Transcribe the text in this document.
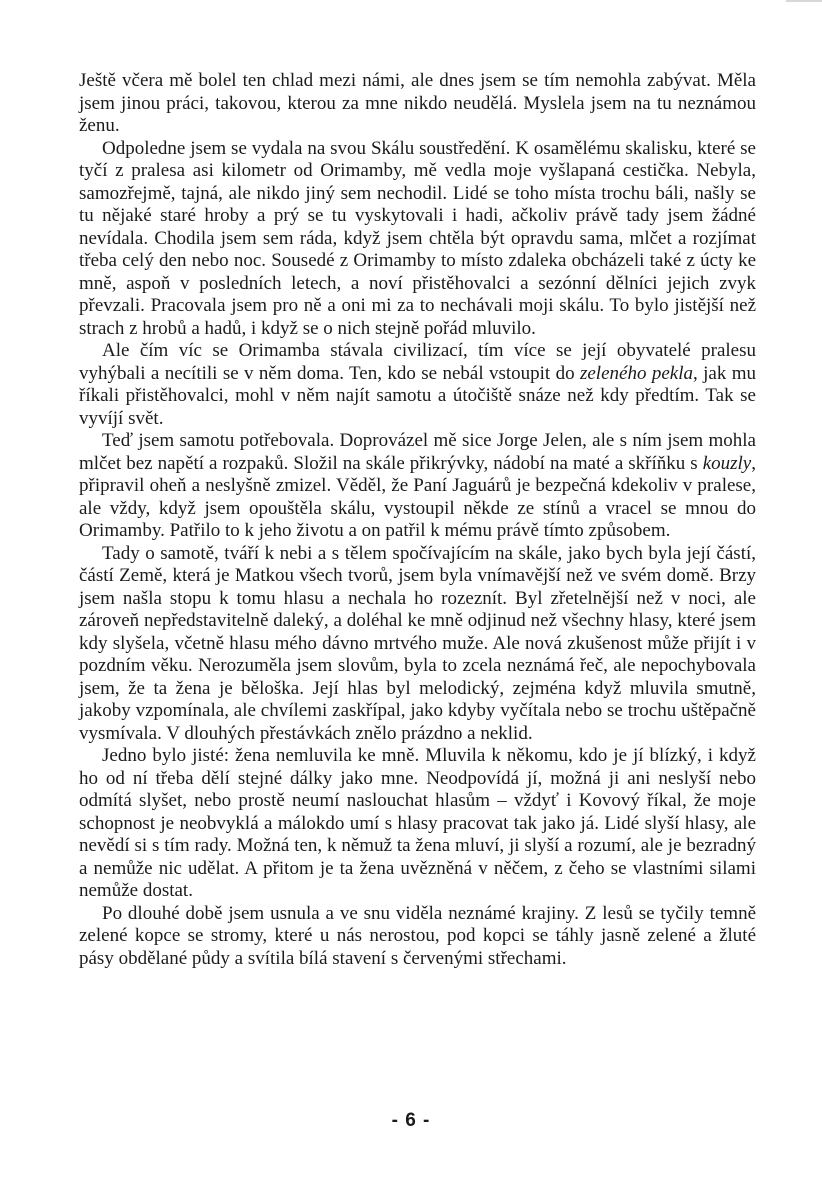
Ještě včera mě bolel ten chlad mezi námi, ale dnes jsem se tím nemohla zabývat. Měla jsem jinou práci, takovou, kterou za mne nikdo neudělá. Myslela jsem na tu neznámou ženu.

Odpoledne jsem se vydala na svou Skálu soustředění. K osamělému skalisku, které se tyčí z pralesa asi kilometr od Orimamby, mě vedla moje vyšlapaná cestička. Nebyla, samozřejmě, tajná, ale nikdo jiný sem nechodil. Lidé se toho místa trochu báli, našly se tu nějaké staré hroby a prý se tu vyskytovali i hadi, ačkoliv právě tady jsem žádné nevídala. Chodila jsem sem ráda, když jsem chtěla být opravdu sama, mlčet a rozjímat třeba celý den nebo noc. Sousedé z Orimamby to místo zdaleka obcházeli také z úcty ke mně, aspoň v posledních letech, a noví přistěhovalci a sezónní dělníci jejich zvyk převzali. Pracovala jsem pro ně a oni mi za to nechávali moji skálu. To bylo jistější než strach z hrobů a hadů, i když se o nich stejně pořád mluvilo.

Ale čím víc se Orimamba stávala civilizací, tím více se její obyvatelé pralesu vyhýbali a necítili se v něm doma. Ten, kdo se nebál vstoupit do zeleného pekla, jak mu říkali přistěhovalci, mohl v něm najít samotu a útočiště snáze než kdy předtím. Tak se vyvíjí svět.

Teď jsem samotu potřebovala. Doprovázel mě sice Jorge Jelen, ale s ním jsem mohla mlčet bez napětí a rozpaků. Složil na skále přikrývky, nádobí na maté a skříňku s kouzly, připravil oheň a neslyšně zmizel. Věděl, že Paní Jaguárů je bezpečná kdekoliv v pralese, ale vždy, když jsem opouštěla skálu, vystoupil někde ze stínů a vracel se mnou do Orimamby. Patřilo to k jeho životu a on patřil k mému právě tímto způsobem.

Tady o samotě, tváří k nebi a s tělem spočívajícím na skále, jako bych byla její částí, částí Země, která je Matkou všech tvorů, jsem byla vnímavější než ve svém domě. Brzy jsem našla stopu k tomu hlasu a nechala ho rozeznít. Byl zřetelnější než v noci, ale zároveň nepředstavitelně daleký, a doléhal ke mně odjinud než všechny hlasy, které jsem kdy slyšela, včetně hlasu mého dávno mrtvého muže. Ale nová zkušenost může přijít i v pozdním věku. Nerozuměla jsem slovům, byla to zcela neznámá řeč, ale nepochybovala jsem, že ta žena je běloška. Její hlas byl melodický, zejména když mluvila smutně, jakoby vzpomínala, ale chvílemi zaskřípal, jako kdyby vyčítala nebo se trochu uštěpačně vysmívala. V dlouhých přestávkách znělo prázdno a neklid.

Jedno bylo jisté: žena nemluvila ke mně. Mluvila k někomu, kdo je jí blízký, i když ho od ní třeba dělí stejné dálky jako mne. Neodpovídá jí, možná ji ani neslyší nebo odmítá slyšet, nebo prostě neumí naslouchat hlasům – vždyť i Kovový říkal, že moje schopnost je neobvyklá a málokdo umí s hlasy pracovat tak jako já. Lidé slyší hlasy, ale nevědí si s tím rady. Možná ten, k němuž ta žena mluví, ji slyší a rozumí, ale je bezradný a nemůže nic udělat. A přitom je ta žena uvězněná v něčem, z čeho se vlastními silami nemůže dostat.

Po dlouhé době jsem usnula a ve snu viděla neznámé krajiny. Z lesů se tyčily temně zelené kopce se stromy, které u nás nerostou, pod kopci se táhly jasně zelené a žluté pásy obdělané půdy a svítila bílá stavení s červenými střechami.

- 6 -
